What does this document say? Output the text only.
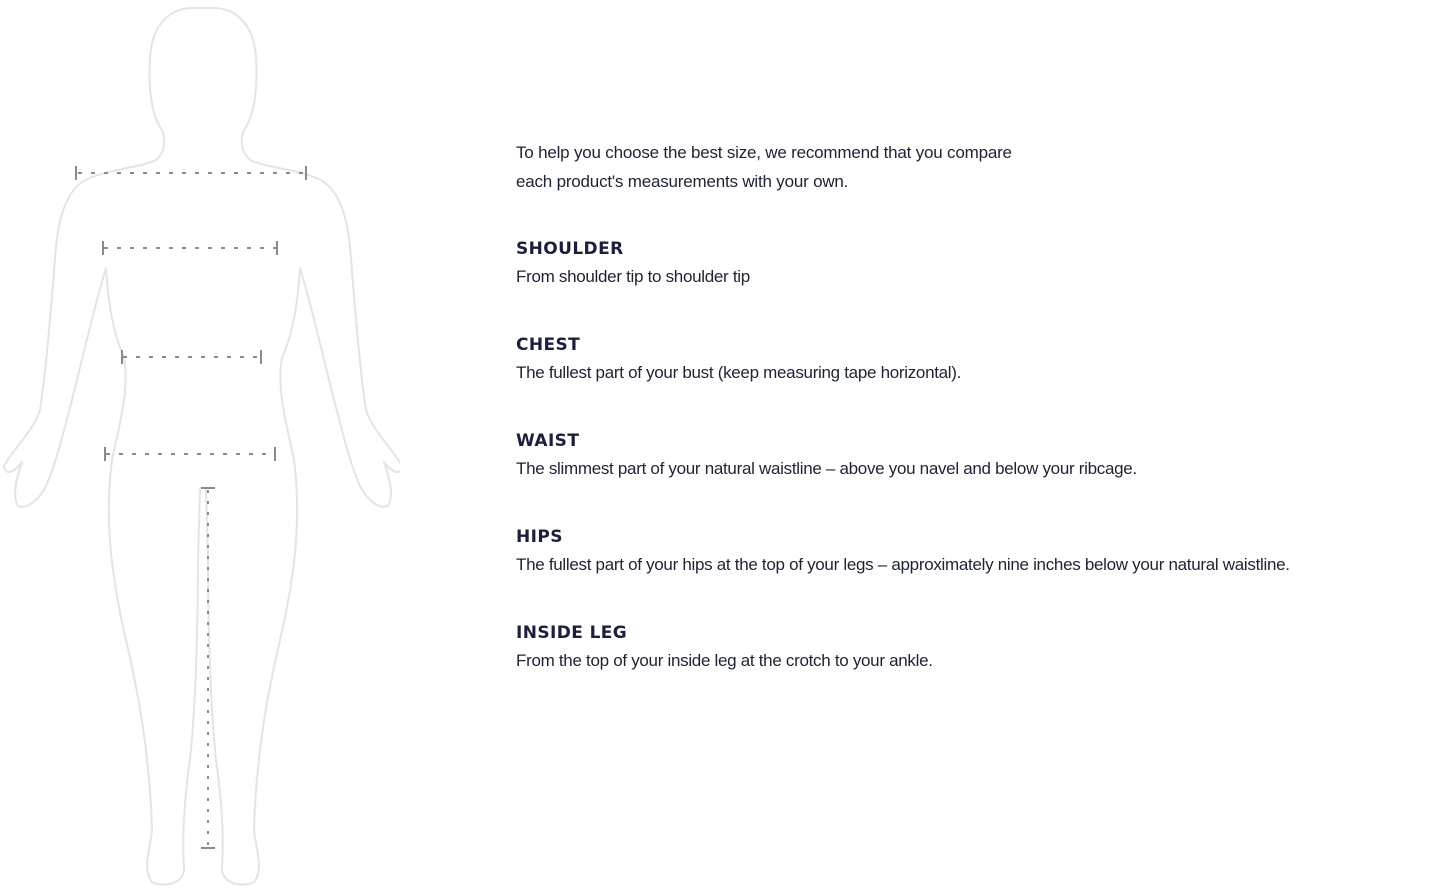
To help you choose the best size, we recommend that you compare each product's measurements with your own.

SHOULDER

From shoulder tip to shoulder tip

CHEST

The fullest part of your bust (keep measuring tape horizontal).

WAIST

The slimmest part of your natural waistline – above you navel and below your ribcage.

HIPS

The fullest part of your hips at the top of your legs – approximately nine inches below your natural waistline.

INSIDE LEG

From the top of your inside leg at the crotch to your ankle.
